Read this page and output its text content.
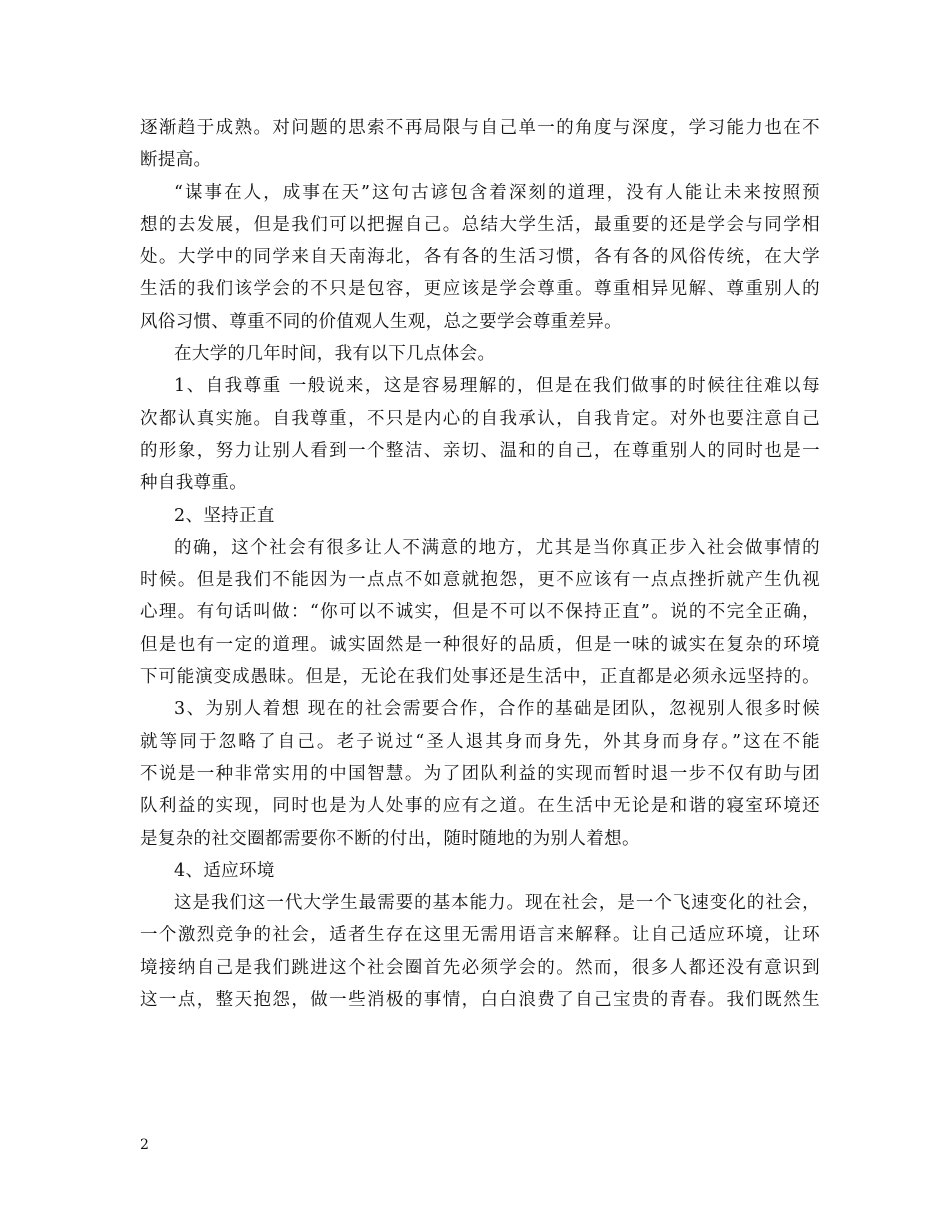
逐渐趋于成熟。对问题的思索不再局限与自己单一的角度与深度，学习能力也在不
断提高。
“谋事在人，成事在天”这句古谚包含着深刻的道理，没有人能让未来按照预
想的去发展，但是我们可以把握自己。总结大学生活，最重要的还是学会与同学相
处。大学中的同学来自天南海北，各有各的生活习惯，各有各的风俗传统，在大学
生活的我们该学会的不只是包容，更应该是学会尊重。尊重相异见解、尊重别人的
风俗习惯、尊重不同的价值观人生观，总之要学会尊重差异。
在大学的几年时间，我有以下几点体会。
1、自我尊重 一般说来，这是容易理解的，但是在我们做事的时候往往难以每
次都认真实施。自我尊重，不只是内心的自我承认，自我肯定。对外也要注意自己
的形象，努力让别人看到一个整洁、亲切、温和的自己，在尊重别人的同时也是一
种自我尊重。
2、坚持正直
的确，这个社会有很多让人不满意的地方，尤其是当你真正步入社会做事情的
时候。但是我们不能因为一点点不如意就抱怨，更不应该有一点点挫折就产生仇视
心理。有句话叫做：“你可以不诚实，但是不可以不保持正直”。说的不完全正确，
但是也有一定的道理。诚实固然是一种很好的品质，但是一味的诚实在复杂的环境
下可能演变成愚昧。但是，无论在我们处事还是生活中，正直都是必须永远坚持的。
3、为别人着想 现在的社会需要合作，合作的基础是团队，忽视别人很多时候
就等同于忽略了自己。老子说过“圣人退其身而身先，外其身而身存。”这在不能
不说是一种非常实用的中国智慧。为了团队利益的实现而暂时退一步不仅有助与团
队利益的实现，同时也是为人处事的应有之道。在生活中无论是和谐的寝室环境还
是复杂的社交圈都需要你不断的付出，随时随地的为别人着想。
4、适应环境
这是我们这一代大学生最需要的基本能力。现在社会，是一个飞速变化的社会，
一个激烈竞争的社会，适者生存在这里无需用语言来解释。让自己适应环境，让环
境接纳自己是我们跳进这个社会圈首先必须学会的。然而，很多人都还没有意识到
这一点，整天抱怨，做一些消极的事情，白白浪费了自己宝贵的青春。我们既然生
2
